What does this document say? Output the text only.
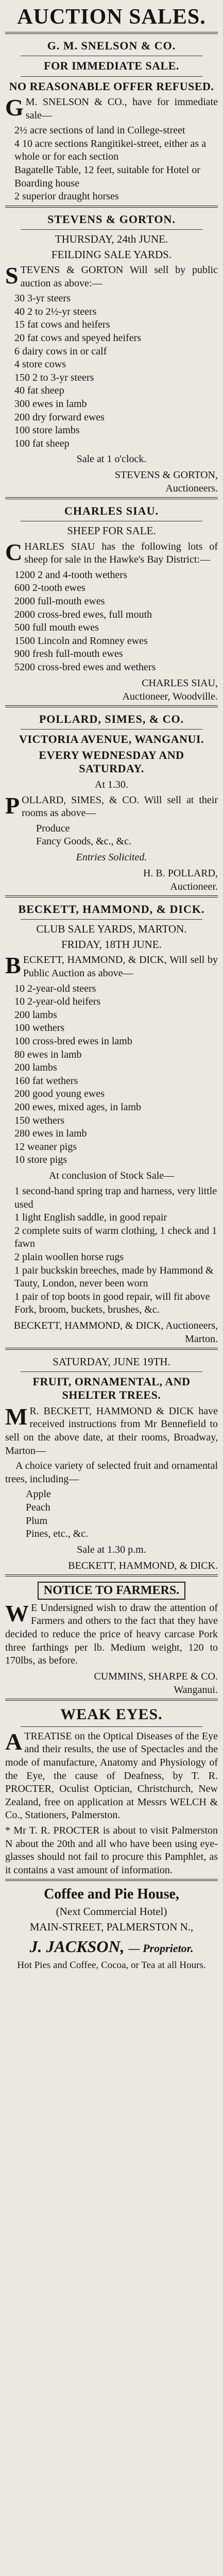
AUCTION SALES.
G. M. SNELSON & CO.
FOR IMMEDIATE SALE.
NO REASONABLE OFFER REFUSED.
G M. SNELSON & CO., have for immediate sale—
2½ acre sections of land in College-street
4 10 acre sections Rangitikei-street, either as a whole or for each section
Bagatelle Table, 12 feet, suitable for Hotel or Boarding house
2 superior draught horses
STEVENS & GORTON.
THURSDAY, 24th JUNE.
FEILDING SALE YARDS.
STEVENS & GORTON Will sell by public auction as above:—
30 3-yr steers
40 2 to 2½-yr steers
15 fat cows and heifers
20 fat cows and speyed heifers
6 dairy cows in or calf
4 store cows
150 2 to 3-yr steers
40 fat sheep
300 ewes in lamb
200 dry forward ewes
100 store lambs
100 fat sheep
Sale at 1 o'clock.
STEVENS & GORTON,
Auctioneers.
CHARLES SIAU.
SHEEP FOR SALE.
CHARLES SIAU has the following lots of sheep for sale in the Hawke's Bay District:—
1200 2 and 4-tooth wethers
600 2-tooth ewes
2000 full-mouth ewes
2000 cross-bred ewes, full mouth
500 full mouth ewes
1500 Lincoln and Romney ewes
900 fresh full-mouth ewes
5200 cross-bred ewes and wethers
CHARLES SIAU,
Auctioneer, Woodville.
POLLARD, SIMES, & CO.
VICTORIA AVENUE, WANGANUI.
EVERY WEDNESDAY AND SATURDAY.
At 1.30.
POLLARD, SIMES, & CO. Will sell at their rooms as above—
Produce
Fancy Goods, &c., &c.
Entries Solicited.
H. B. POLLARD,
Auctioneer.
BECKETT, HAMMOND, & DICK.
CLUB SALE YARDS, MARTON.
FRIDAY, 18TH JUNE.
BECKETT, HAMMOND, & DICK, Will sell by Public Auction as above—
10 2-year-old steers
10 2-year-old heifers
200 lambs
100 wethers
100 cross-bred ewes in lamb
80 ewes in lamb
200 lambs
160 fat wethers
200 good young ewes
200 ewes, mixed ages, in lamb
150 wethers
280 ewes in lamb
12 weaner pigs
10 store pigs
At conclusion of Stock Sale—
1 second-hand spring trap and harness, very little used
1 light English saddle, in good repair
2 complete suits of warm clothing, 1 check and 1 fawn
2 plain woollen horse rugs
1 pair buckskin breeches, made by Hammond & Tauty, London, never been worn
1 pair of top boots in good repair, will fit above
Fork, broom, buckets, brushes, &c.
BECKETT, HAMMOND, & DICK, Auctioneers, Marton.
SATURDAY, JUNE 19TH.
FRUIT, ORNAMENTAL, AND SHELTER TREES.
M R. BECKETT, HAMMOND & DICK have received instructions from Mr Bennefield to sell on the above date, at their rooms, Broadway, Marton—
A choice variety of selected fruit and ornamental trees, including—
Apple
Peach
Plum
Pines, etc., &c.
Sale at 1.30 p.m.
BECKETT, HAMMOND, & DICK.
NOTICE TO FARMERS.
W E Undersigned wish to draw the attention of Farmers and others to the fact that they have decided to reduce the price of heavy carcase Pork three farthings per lb. Medium weight, 120 to 170lbs, as before.
CUMMINS, SHARPE & CO.
Wanganui.
WEAK EYES.
ATREATISE on the Optical Diseases of the Eye and their results, the use of Spectacles and the mode of manufacture, Anatomy and Physiology of the Eye, the cause of Deafness, by T. R. PROCTER, Oculist Optician, Christchurch, New Zealand, free on application at Messrs WELCH & Co., Stationers, Palmerston.
* Mr T. R. PROCTER is about to visit Palmerston N about the 20th and all who have been using eye-glasses should not fail to procure this Pamphlet, as it contains a vast amount of information.
Coffee and Pie House,
(Next Commercial Hotel)
MAIN-STREET, PALMERSTON N.,
J. JACKSON, — Proprietor.
Hot Pies and Coffee, Cocoa, or Tea at all Hours.
